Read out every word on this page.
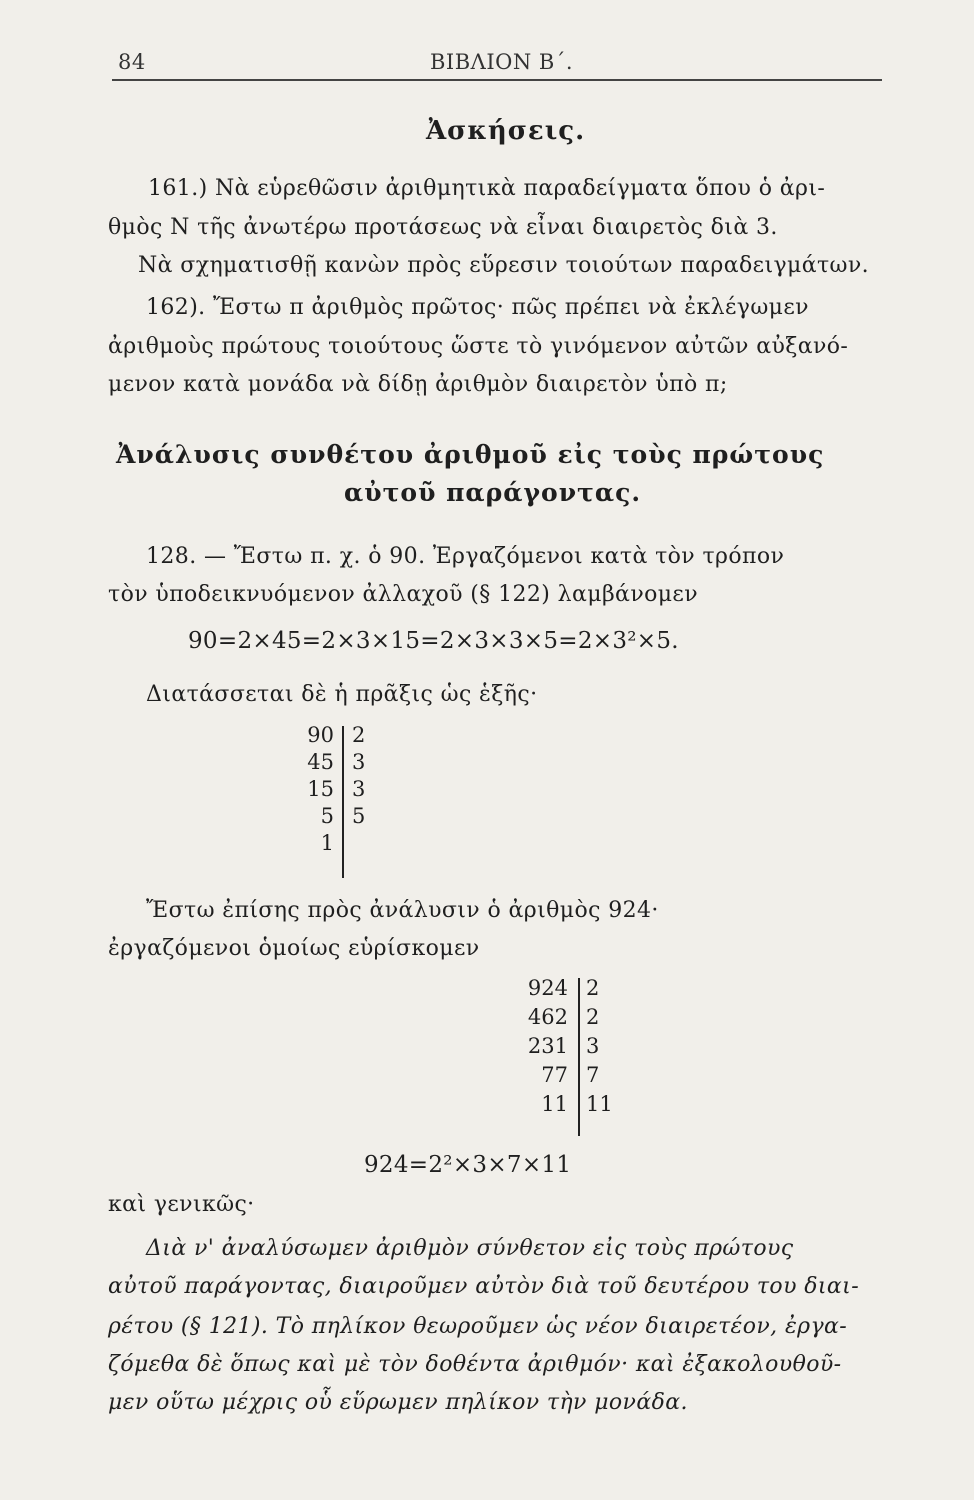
84	ΒΙΒΛΙΟΝ Β΄.
Ἀσκήσεις.
161.) Νὰ εὑρεθῶσιν ἀριθμητικὰ παραδείγματα ὅπου ὁ ἀρι-
θμὸς N τῆς ἀνωτέρω προτάσεως νὰ εἶναι διαιρετὸς διὰ 3.
Νὰ σχηματισθῇ κανὼν πρὸς εὕρεσιν τοιούτων παραδειγμάτων.
162). Ἔστω π ἀριθμὸς πρῶτος· πῶς πρέπει νὰ ἐκλέγωμεν
ἀριθμοὺς πρώτους τοιούτους ὥστε τὸ γινόμενον αὐτῶν αὐξανό-
μενον κατὰ μονάδα νὰ δίδῃ ἀριθμὸν διαιρετὸν ὑπὸ π;
Ἀνάλυσις συνθέτου ἀριθμοῦ εἰς τοὺς πρώτους
αὐτοῦ παράγοντας.
128. — Ἔστω π. χ. ὁ 90. Ἐργαζόμενοι κατὰ τὸν τρόπον
τὸν ὑποδεικνυόμενον ἀλλαχοῦ (§ 122) λαμβάνομεν
90=2×45=2×3×15=2×3×3×5=2×3²×5.
Διατάσσεται δὲ ἡ πρᾶξις ὡς ἑξῆς·
90
45
15
5
1
2
3
3
5
Ἔστω ἐπίσης πρὸς ἀνάλυσιν ὁ ἀριθμὸς 924·
ἐργαζόμενοι ὁμοίως εὑρίσκομεν
924
462
231
77
11
2
2
3
7
11
924=2²×3×7×11
καὶ γενικῶς·
Διὰ ν' ἀναλύσωμεν ἀριθμὸν σύνθετον εἰς τοὺς πρώτους
αὐτοῦ παράγοντας, διαιροῦμεν αὐτὸν διὰ τοῦ δευτέρου του διαι-
ρέτου (§ 121). Τὸ πηλίκον θεωροῦμεν ὡς νέον διαιρετέον, ἐργα-
ζόμεθα δὲ ὅπως καὶ μὲ τὸν δοθέντα ἀριθμόν· καὶ ἐξακολουθοῦ-
μεν οὕτω μέχρις οὗ εὕρωμεν πηλίκον τὴν μονάδα.
